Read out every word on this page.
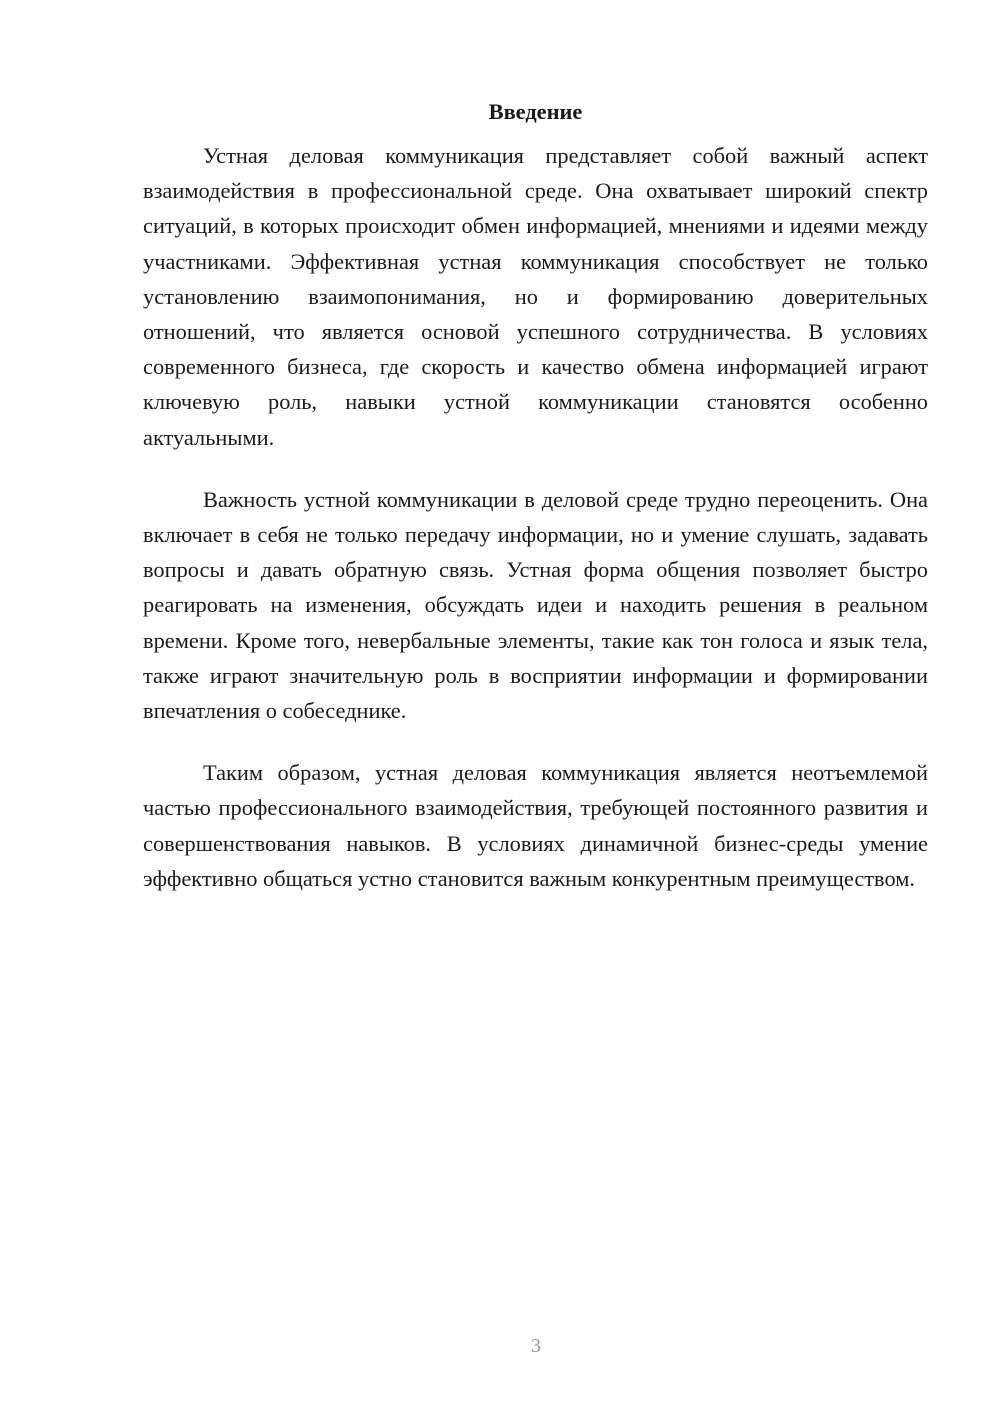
Введение

Устная деловая коммуникация представляет собой важный аспект взаимодействия в профессиональной среде. Она охватывает широкий спектр ситуаций, в которых происходит обмен информацией, мнениями и идеями между участниками. Эффективная устная коммуникация способствует не только установлению взаимопонимания, но и формированию доверительных отношений, что является основой успешного сотрудничества. В условиях современного бизнеса, где скорость и качество обмена информацией играют ключевую роль, навыки устной коммуникации становятся особенно актуальными.

Важность устной коммуникации в деловой среде трудно переоценить. Она включает в себя не только передачу информации, но и умение слушать, задавать вопросы и давать обратную связь. Устная форма общения позволяет быстро реагировать на изменения, обсуждать идеи и находить решения в реальном времени. Кроме того, невербальные элементы, такие как тон голоса и язык тела, также играют значительную роль в восприятии информации и формировании впечатления о собеседнике.

Таким образом, устная деловая коммуникация является неотъемлемой частью профессионального взаимодействия, требующей постоянного развития и совершенствования навыков. В условиях динамичной бизнес-среды умение эффективно общаться устно становится важным конкурентным преимуществом.

3
